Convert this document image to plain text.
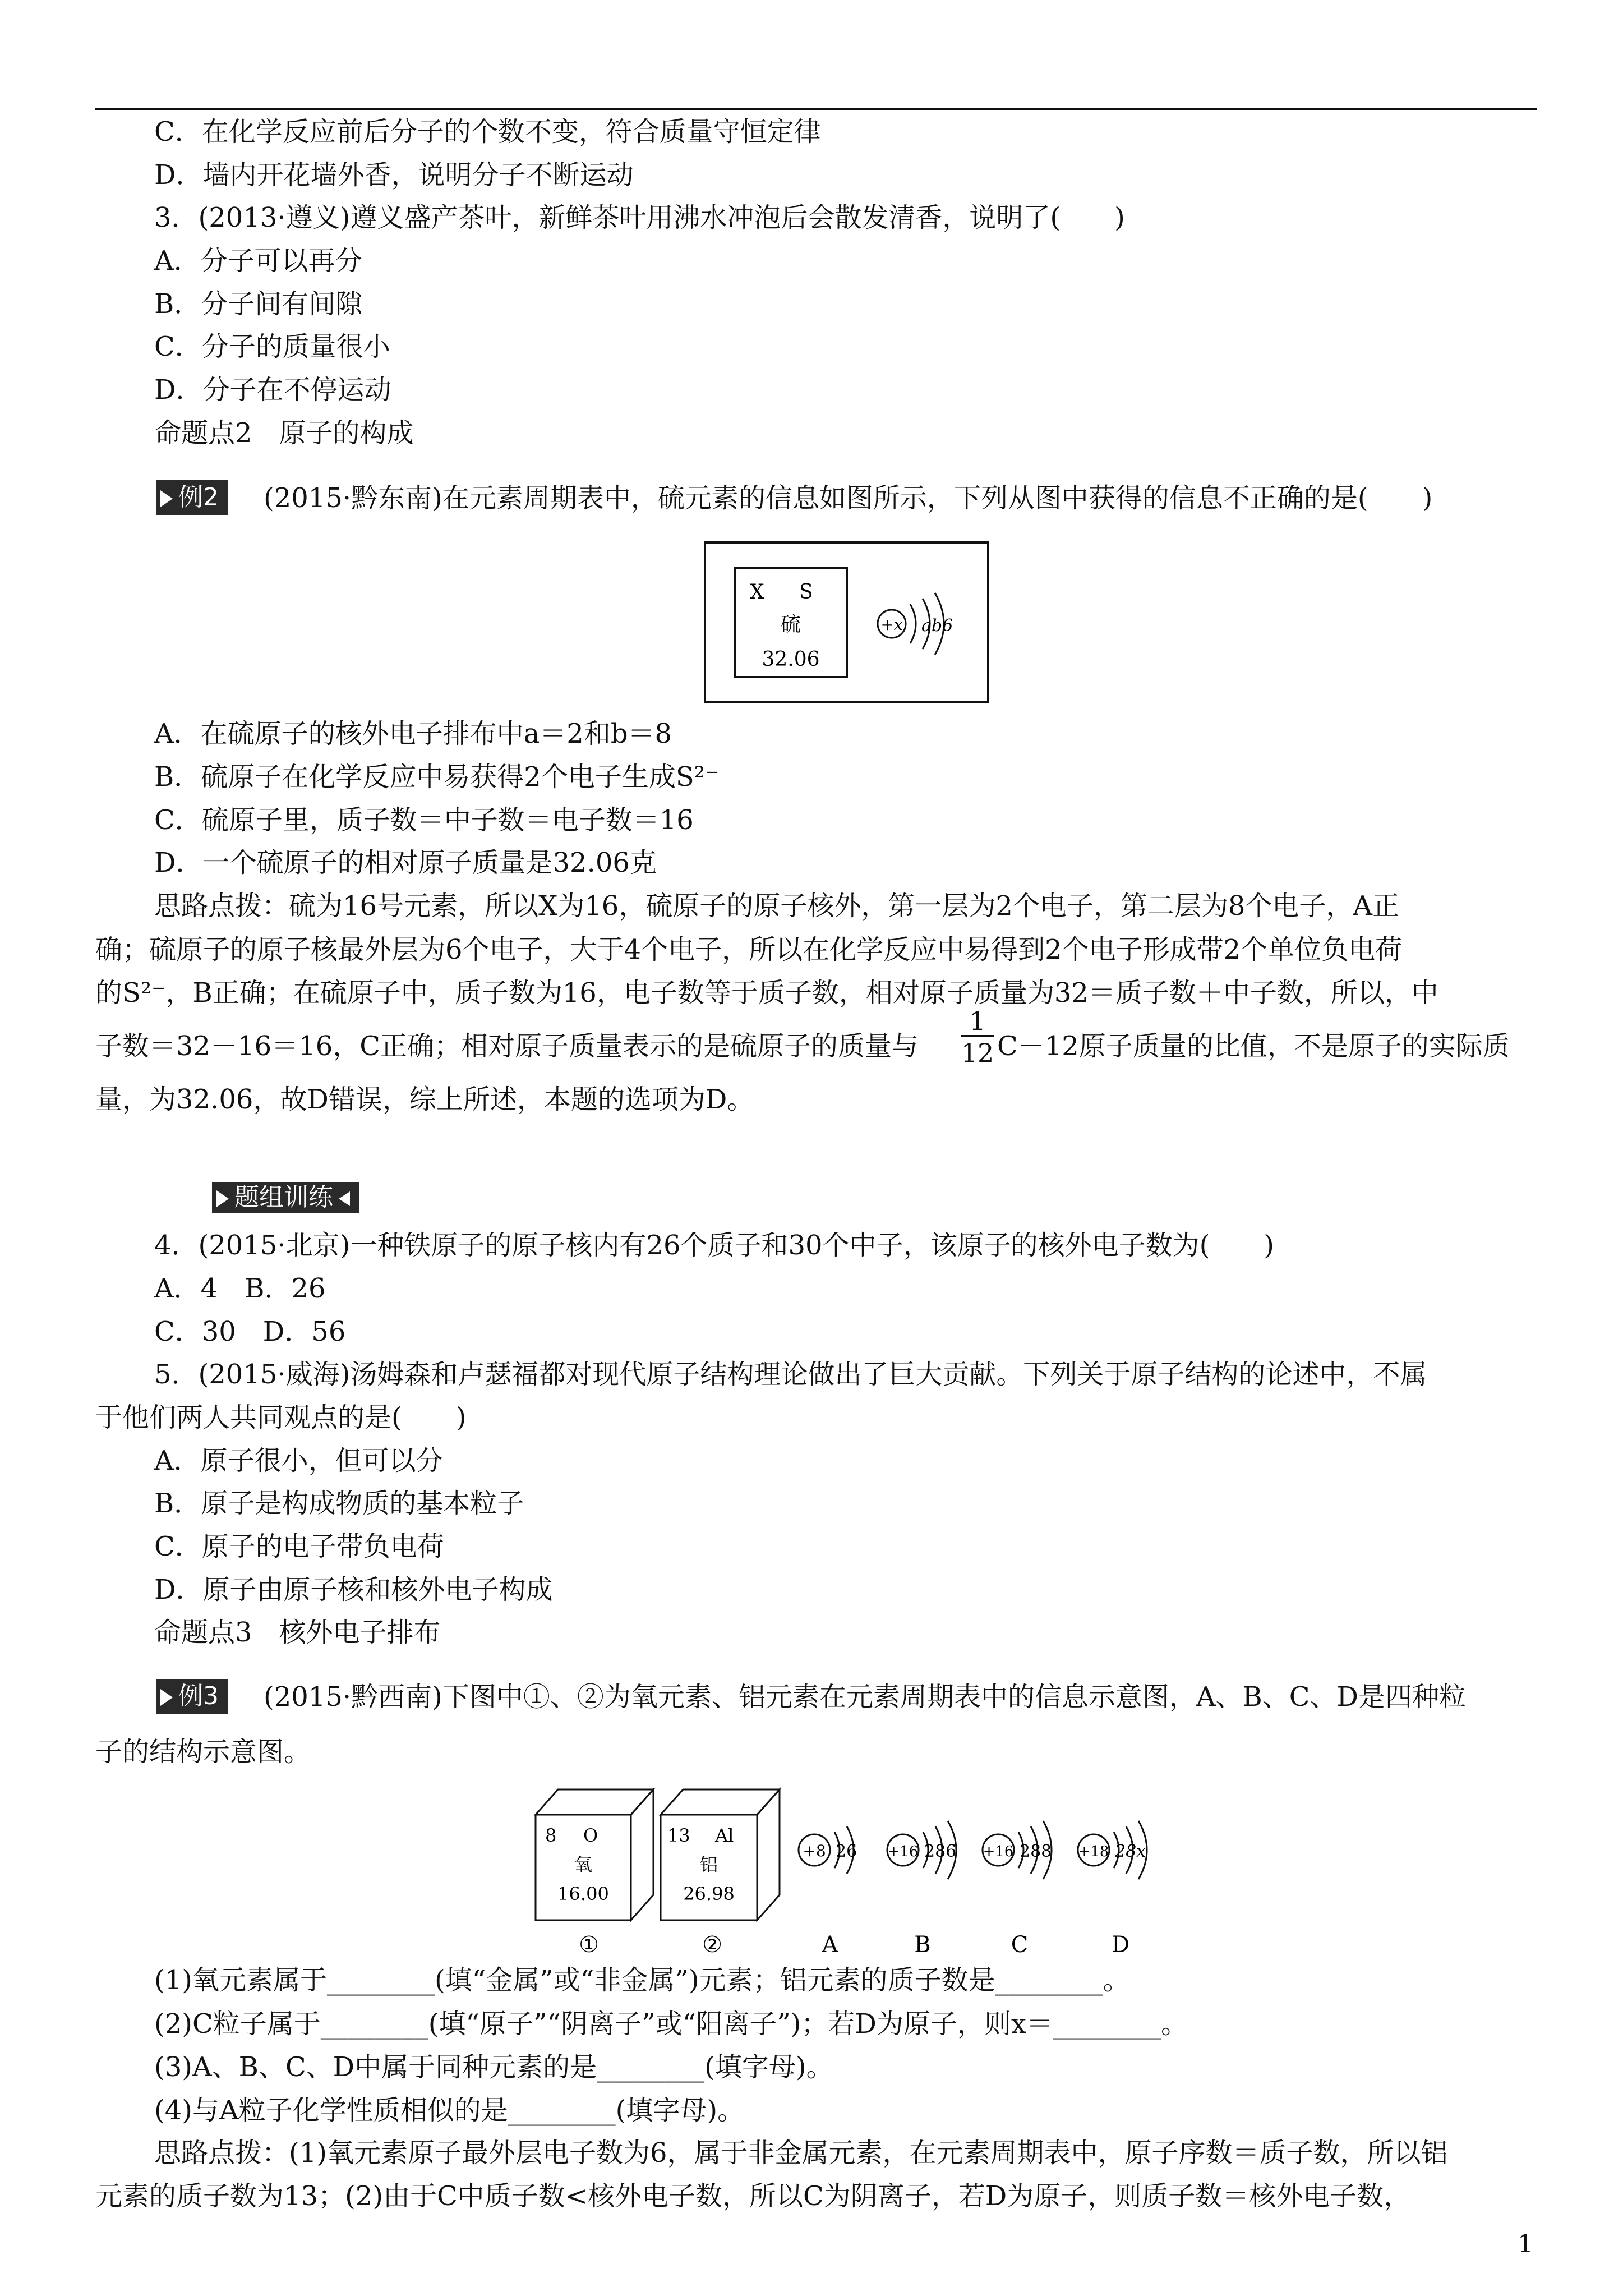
C．在化学反应前后分子的个数不变，符合质量守恒定律
D．墙内开花墙外香，说明分子不断运动
3．(2013·遵义)遵义盛产茶叶，新鲜茶叶用沸水冲泡后会散发清香，说明了(　　)
A．分子可以再分
B．分子间有间隙
C．分子的质量很小
D．分子在不停运动
命题点2　原子的构成
例2	(2015·黔东南)在元素周期表中，硫元素的信息如图所示，下列从图中获得的信息不正确的是(　　)
X S
硫
32.06
+x ab6
A．在硫原子的核外电子排布中a＝2和b＝8
B．硫原子在化学反应中易获得2个电子生成S²⁻
C．硫原子里，质子数＝中子数＝电子数＝16
D．一个硫原子的相对原子质量是32.06克
思路点拨：硫为16号元素，所以X为16，硫原子的原子核外，第一层为2个电子，第二层为8个电子，A正
确；硫原子的原子核最外层为6个电子，大于4个电子，所以在化学反应中易得到2个电子形成带2个单位负电荷
的S²⁻，B正确；在硫原子中，质子数为16，电子数等于质子数，相对原子质量为32＝质子数＋中子数，所以，中
子数＝32－16＝16，C正确；相对原子质量表示的是硫原子的质量与
1
12 C－12原子质量的比值，不是原子的实际质
量，为32.06，故D错误，综上所述，本题的选项为D。
题组训练
4．(2015·北京)一种铁原子的原子核内有26个质子和30个中子，该原子的核外电子数为(　　)
A．4　B．26
C．30　D．56
5．(2015·威海)汤姆森和卢瑟福都对现代原子结构理论做出了巨大贡献。下列关于原子结构的论述中，不属
于他们两人共同观点的是(　　)
A．原子很小，但可以分
B．原子是构成物质的基本粒子
C．原子的电子带负电荷
D．原子由原子核和核外电子构成
命题点3　核外电子排布
例3	(2015·黔西南)下图中①、②为氧元素、铝元素在元素周期表中的信息示意图，A、B、C、D是四种粒
子的结构示意图。
8 O
氧
16.00
①
13 Al
铝
26.98
②
+8 26
A
+16 286
B
+16 288
C
+18 28x
D
(1)氧元素属于________(填“金属”或“非金属”)元素；铝元素的质子数是________。
(2)C粒子属于________(填“原子”“阴离子”或“阳离子”)；若D为原子，则x＝________。
(3)A、B、C、D中属于同种元素的是________(填字母)。
(4)与A粒子化学性质相似的是________(填字母)。
思路点拨：(1)氧元素原子最外层电子数为6，属于非金属元素，在元素周期表中，原子序数＝质子数，所以铝
元素的质子数为13；(2)由于C中质子数<核外电子数，所以C为阴离子，若D为原子，则质子数＝核外电子数，
1
